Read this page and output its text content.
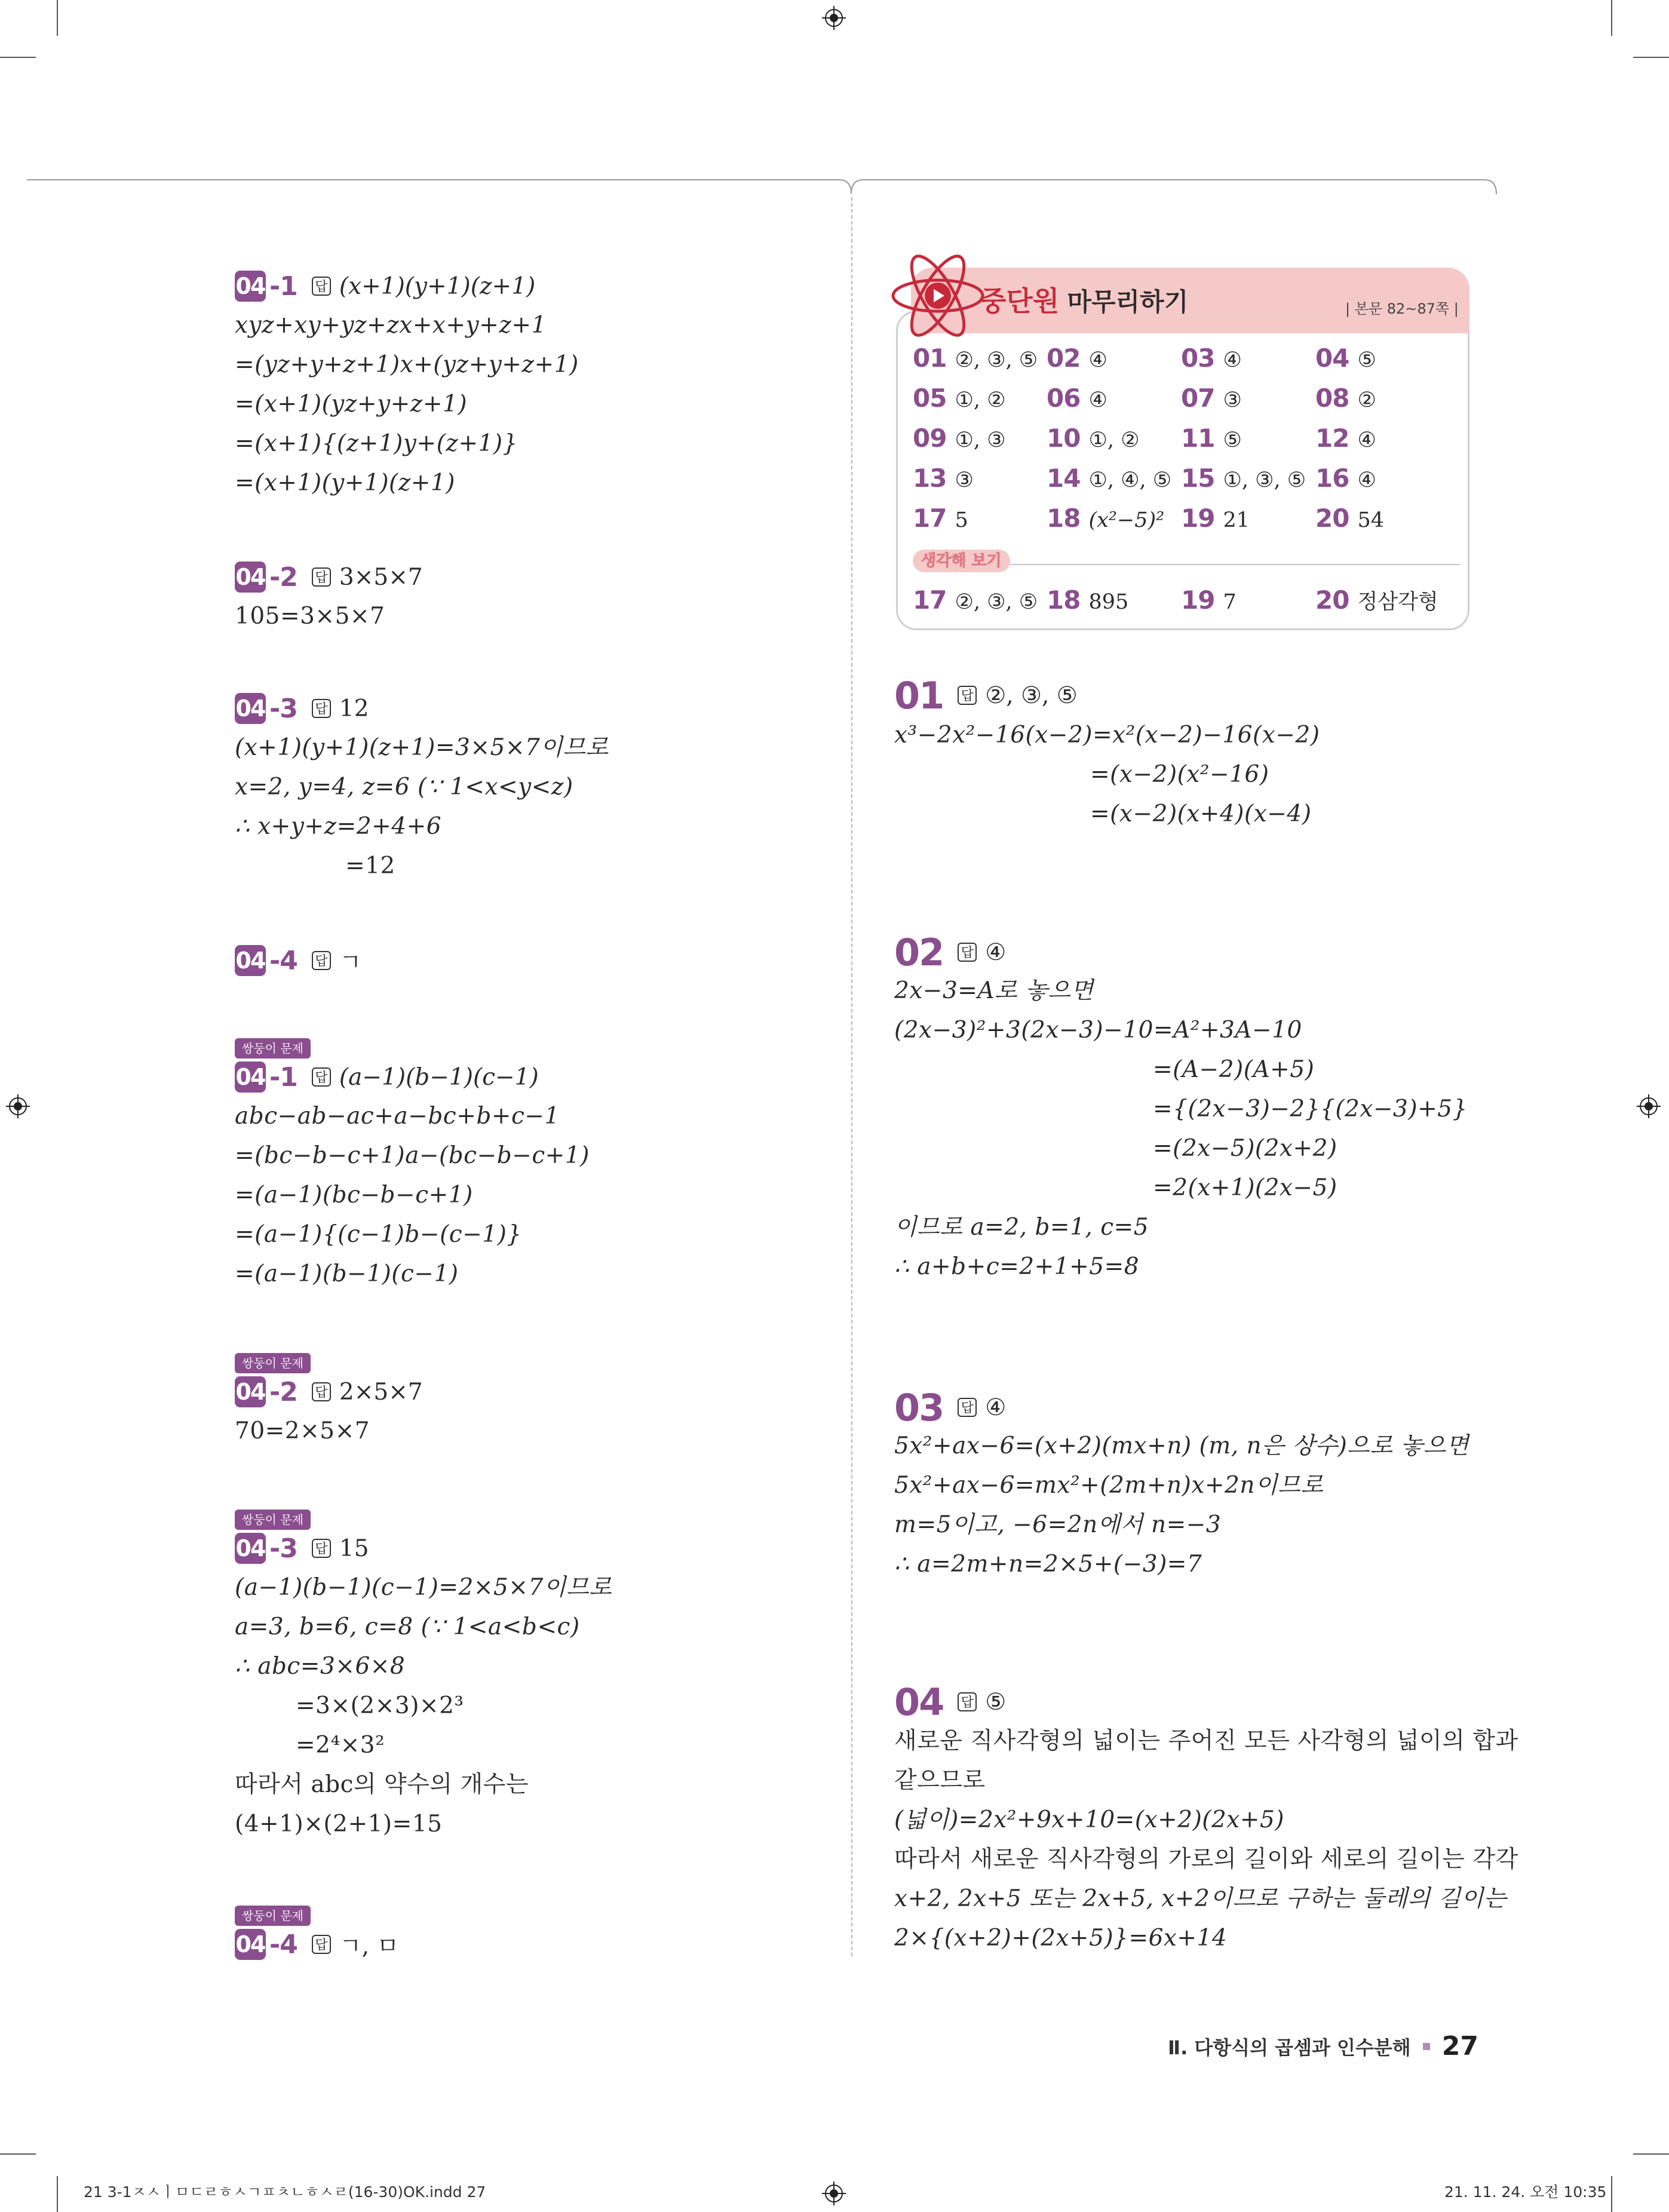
04 -1 답 (x+1)(y+1)(z+1)
xyz+xy+yz+zx+x+y+z+1
=(yz+y+z+1)x+(yz+y+z+1)
=(x+1)(yz+y+z+1)
=(x+1){(z+1)y+(z+1)}
=(x+1)(y+1)(z+1)
04 -2 답 3×5×7
105=3×5×7
04 -3 답 12
(x+1)(y+1)(z+1)=3×5×7이므로
x=2, y=4, z=6 (∵ 1<x<y<z)
∴ x+y+z=2+4+6
=12
04 -4 답 ㄱ
쌍둥이 문제
04 -1 답 (a−1)(b−1)(c−1)
abc−ab−ac+a−bc+b+c−1
=(bc−b−c+1)a−(bc−b−c+1)
=(a−1)(bc−b−c+1)
=(a−1){(c−1)b−(c−1)}
=(a−1)(b−1)(c−1)
쌍둥이 문제
04 -2 답 2×5×7
70=2×5×7
쌍둥이 문제
04 -3 답 15
(a−1)(b−1)(c−1)=2×5×7이므로
a=3, b=6, c=8 (∵ 1<a<b<c)
∴ abc=3×6×8
=3×(2×3)×2³
=2⁴×3²
따라서 abc의 약수의 개수는
(4+1)×(2+1)=15
쌍둥이 문제
04 -4 답 ㄱ, ㅁ
중단원 마무리하기	| 본문 82~87쪽 |
01 ②, ③, ⑤ 02 ④	03 ④	04 ⑤
05 ①, ② 06 ④	07 ③	08 ②
09 ①, ③ 10 ①, ② 11 ⑤	12 ④
13 ③	14 ①, ④, ⑤ 15 ①, ③, ⑤ 16 ④
17 5	18 (x²−5)² 19 21	20 54
생각해 보기
17 ②, ③, ⑤ 18 895 19 7	20 정삼각형
01 답 ②, ③, ⑤
x³−2x²−16(x−2)=x²(x−2)−16(x−2)
=(x−2)(x²−16)
=(x−2)(x+4)(x−4)
02 답 ④
2x−3=A로 놓으면
(2x−3)²+3(2x−3)−10=A²+3A−10
=(A−2)(A+5)
={(2x−3)−2}{(2x−3)+5}
=(2x−5)(2x+2)
=2(x+1)(2x−5)
이므로 a=2, b=1, c=5
∴ a+b+c=2+1+5=8
03 답 ④
5x²+ax−6=(x+2)(mx+n) (m, n은 상수)으로 놓으면
5x²+ax−6=mx²+(2m+n)x+2n이므로
m=5이고, −6=2n에서 n=−3
∴ a=2m+n=2×5+(−3)=7
04 답 ⑤
새로운 직사각형의 넓이는 주어진 모든 사각형의 넓이의 합과
같으므로
(넓이)=2x²+9x+10=(x+2)(2x+5)
따라서 새로운 직사각형의 가로의 길이와 세로의 길이는 각각
x+2, 2x+5 또는 2x+5, x+2이므로 구하는 둘레의 길이는
2×{(x+2)+(2x+5)}=6x+14
Ⅱ. 다항식의 곱셈과 인수분해 27
21 3-1ㅈㅅㅣㅁㄷㄹㅎㅅㄱㅍㅊㄴㅎㅅㄹ(16-30)OK.indd 27	21. 11. 24. 오전 10:35
